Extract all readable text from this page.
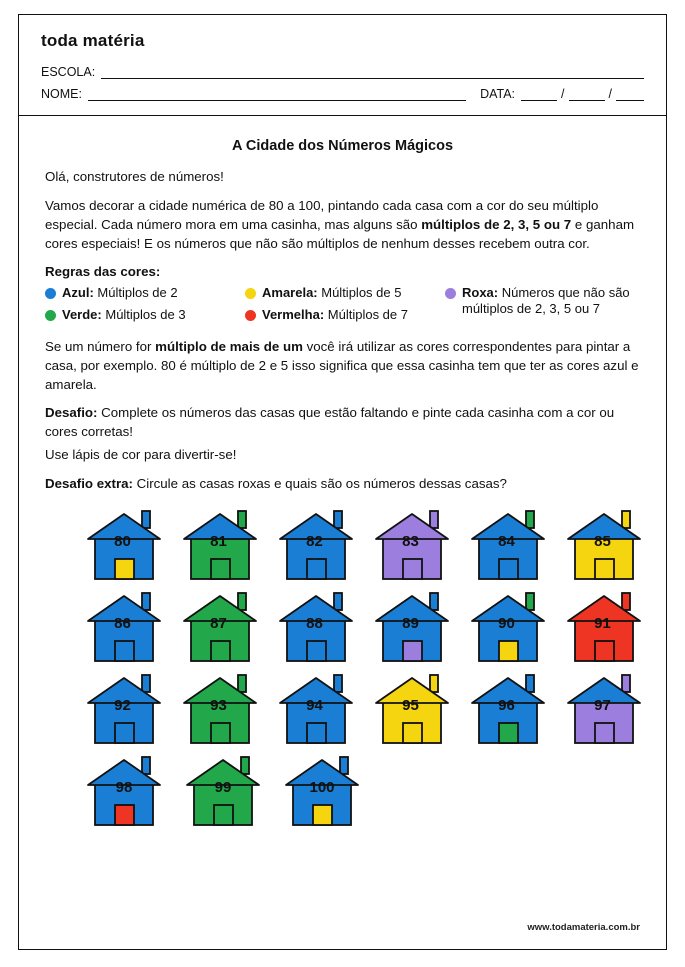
toda matéria
ESCOLA:
NOME:	DATA:	/	/
A Cidade dos Números Mágicos

Olá, construtores de números!

Vamos decorar a cidade numérica de 80 a 100, pintando cada casa com a cor do seu múltiplo especial. Cada número mora em uma casinha, mas alguns são múltiplos de 2, 3, 5 ou 7 e ganham cores especiais! E os números que não são múltiplos de nenhum desses recebem outra cor.

Regras das cores:
Azul: Múltiplos de 2	Amarela: Múltiplos de 5	Roxa: Números que não são múltiplos de 2, 3, 5 ou 7
Verde: Múltiplos de 3	Vermelha: Múltiplos de 7

Se um número for múltiplo de mais de um você irá utilizar as cores correspondentes para pintar a casa, por exemplo. 80 é múltiplo de 2 e 5 isso significa que essa casinha tem que ter as cores azul e amarela.

Desafio: Complete os números das casas que estão faltando e pinte cada casinha com a cor ou cores corretas!

Use lápis de cor para divertir-se!

Desafio extra: Circule as casas roxas e quais são os números dessas casas?

80	81	82	83	84	85
86	87	88	89	90	91
92	93	94	95	96	97
98	99	100
www.todamateria.com.br
